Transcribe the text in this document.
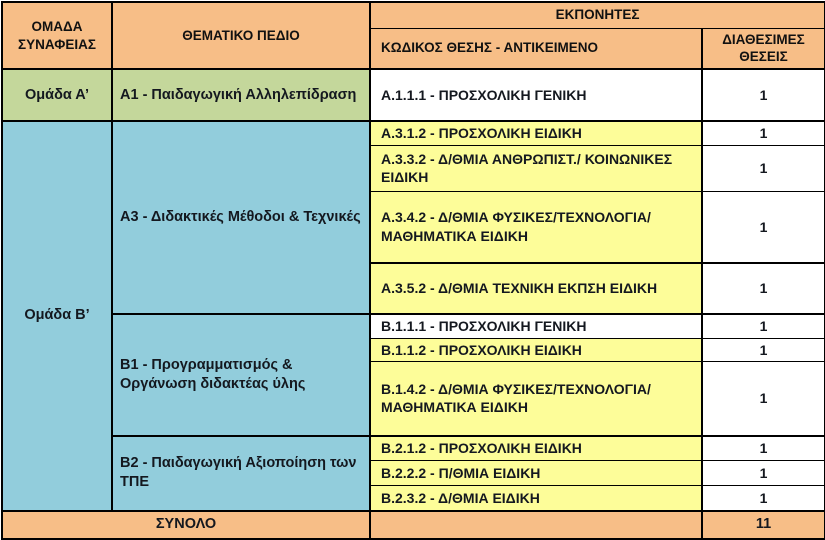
ΟΜΑΔΑ ΣΥΝΑΦΕΙΑΣ	ΘΕΜΑΤΙΚΟ ΠΕΔΙΟ	ΕΚΠΟΝΗΤΕΣ	
		ΚΩΔΙΚΟΣ ΘΕΣΗΣ - ΑΝΤΙΚΕΙΜΕΝΟ	ΔΙΑΘΕΣΙΜΕΣ ΘΕΣΕΙΣ
Ομάδα Α’	Α1 - Παιδαγωγική Αλληλεπίδραση	Α.1.1.1 - ΠΡΟΣΧΟΛΙΚΗ ΓΕΝΙΚΗ	1
Ομάδα Β’	Α3 - Διδακτικές Μέθοδοι & Τεχνικές	Α.3.1.2 - ΠΡΟΣΧΟΛΙΚΗ ΕΙΔΙΚΗ	1
		Α.3.3.2 - Δ/ΘΜΙΑ ΑΝΘΡΩΠΙΣΤ./ ΚΟΙΝΩΝΙΚΕΣ ΕΙΔΙΚΗ	1
		Α.3.4.2 - Δ/ΘΜΙΑ ΦΥΣΙΚΕΣ/ΤΕΧΝΟΛΟΓΙΑ/ΜΑΘΗΜΑΤΙΚΑ ΕΙΔΙΚΗ	1
		Α.3.5.2 - Δ/ΘΜΙΑ ΤΕΧΝΙΚΗ ΕΚΠΣΗ ΕΙΔΙΚΗ	1
	Β1 - Προγραμματισμός & Οργάνωση διδακτέας ύλης	Β.1.1.1 - ΠΡΟΣΧΟΛΙΚΗ ΓΕΝΙΚΗ	1
		Β.1.1.2 - ΠΡΟΣΧΟΛΙΚΗ ΕΙΔΙΚΗ	1
		Β.1.4.2 - Δ/ΘΜΙΑ ΦΥΣΙΚΕΣ/ΤΕΧΝΟΛΟΓΙΑ/ΜΑΘΗΜΑΤΙΚΑ ΕΙΔΙΚΗ	1
	Β2 - Παιδαγωγική Αξιοποίηση των ΤΠΕ	Β.2.1.2 - ΠΡΟΣΧΟΛΙΚΗ ΕΙΔΙΚΗ	1
		Β.2.2.2 - Π/ΘΜΙΑ ΕΙΔΙΚΗ	1
		Β.2.3.2 - Δ/ΘΜΙΑ ΕΙΔΙΚΗ	1
ΣΥΝΟΛΟ			11
